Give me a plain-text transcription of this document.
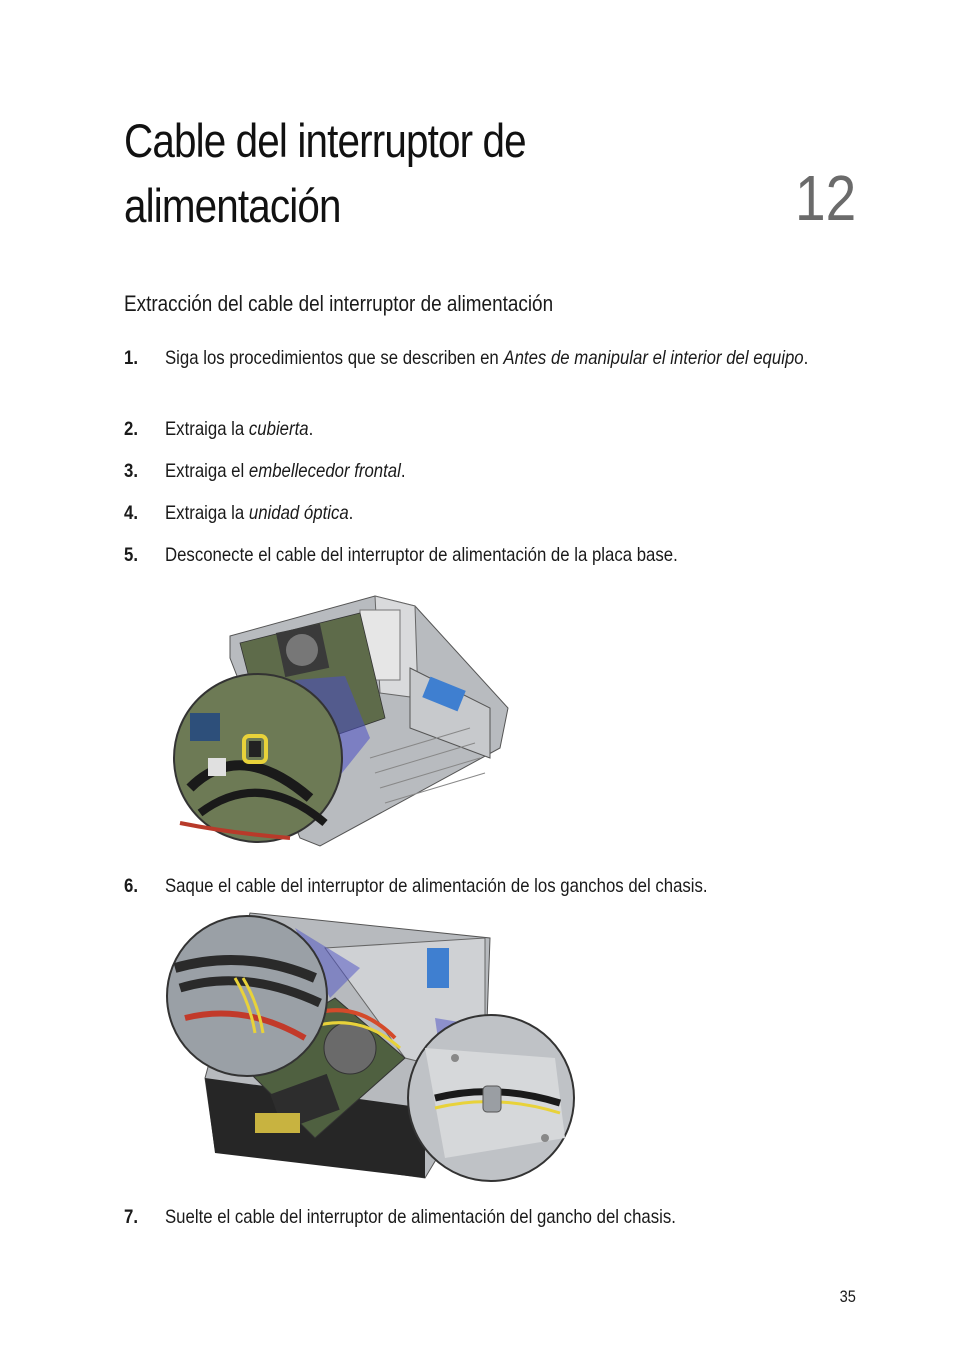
Cable del interruptor de
alimentación	12
Extracción del cable del interruptor de alimentación
1. Siga los procedimientos que se describen en Antes de manipular el interior del equipo.
2. Extraiga la cubierta.
3. Extraiga el embellecedor frontal.
4. Extraiga la unidad óptica.
5. Desconecte el cable del interruptor de alimentación de la placa base.
6. Saque el cable del interruptor de alimentación de los ganchos del chasis.
7. Suelte el cable del interruptor de alimentación del gancho del chasis.
35
